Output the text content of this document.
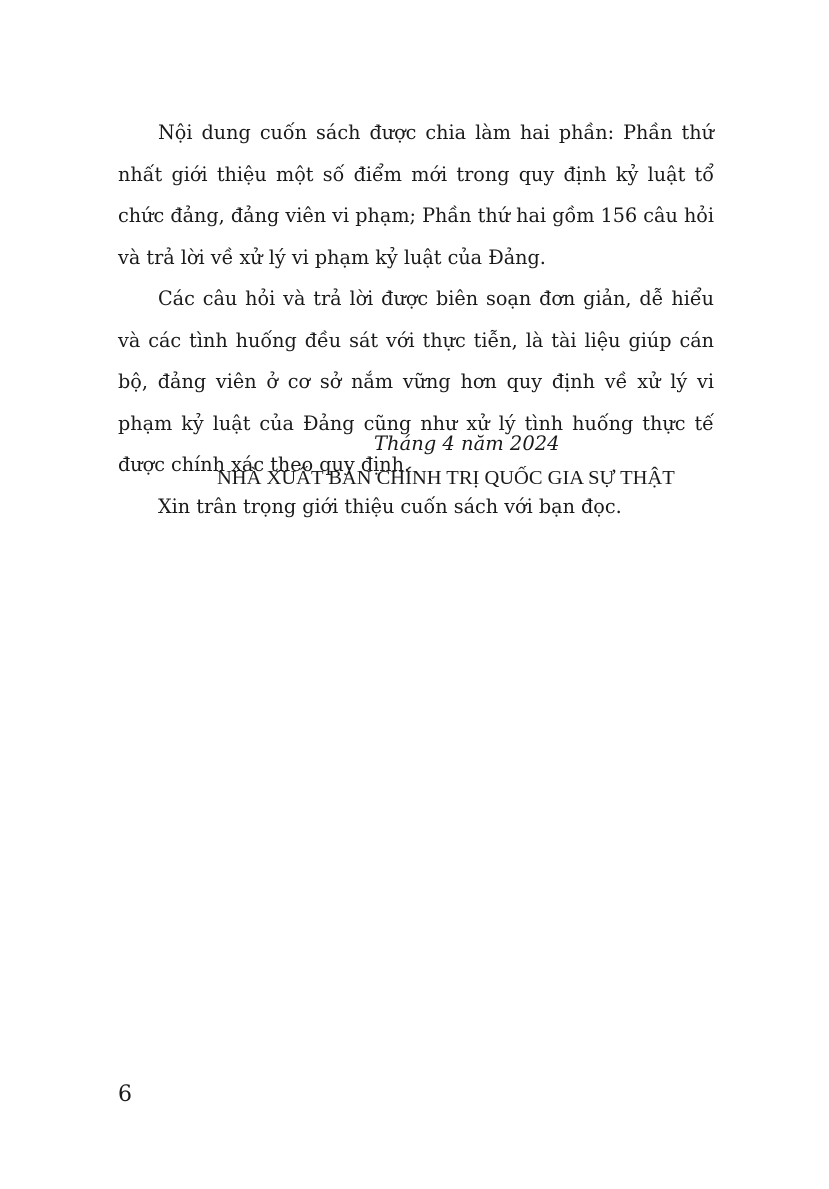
Nội dung cuốn sách được chia làm hai phần: Phần thứ nhất giới thiệu một số điểm mới trong quy định kỷ luật tổ chức đảng, đảng viên vi phạm; Phần thứ hai gồm 156 câu hỏi và trả lời về xử lý vi phạm kỷ luật của Đảng.

Các câu hỏi và trả lời được biên soạn đơn giản, dễ hiểu và các tình huống đều sát với thực tiễn, là tài liệu giúp cán bộ, đảng viên ở cơ sở nắm vững hơn quy định về xử lý vi phạm kỷ luật của Đảng cũng như xử lý tình huống thực tế được chính xác theo quy định.

Xin trân trọng giới thiệu cuốn sách với bạn đọc.

Tháng 4 năm 2024
NHÀ XUẤT BẢN CHÍNH TRỊ QUỐC GIA SỰ THẬT
6
